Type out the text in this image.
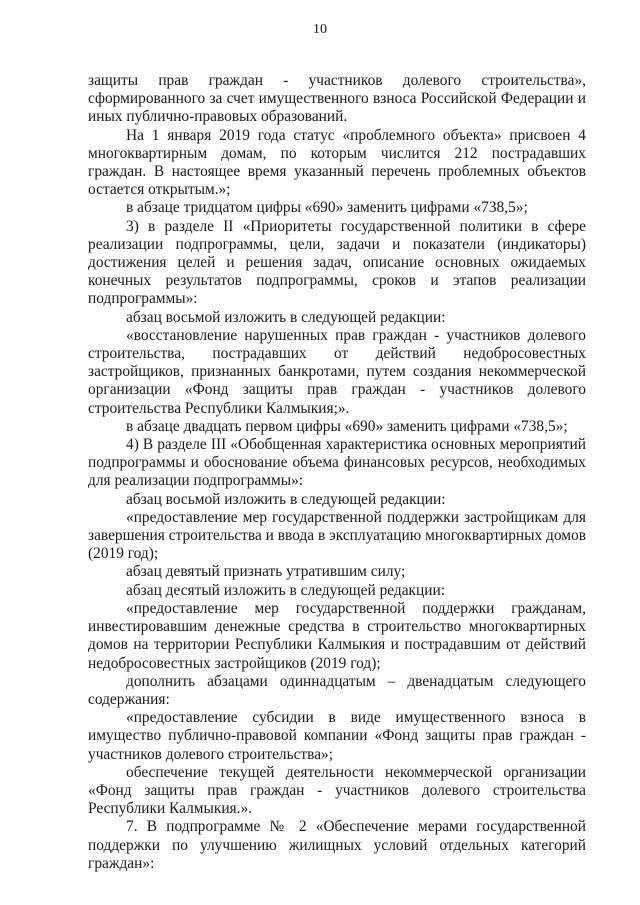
10

защиты прав граждан - участников долевого строительства», сформированного за счет имущественного взноса Российской Федерации и иных публично-правовых образований.

На 1 января 2019 года статус «проблемного объекта» присвоен 4 многоквартирным домам, по которым числится 212 пострадавших граждан. В настоящее время указанный перечень проблемных объектов остается открытым.»;

в абзаце тридцатом цифры «690» заменить цифрами «738,5»;

3) в разделе II «Приоритеты государственной политики в сфере реализации подпрограммы, цели, задачи и показатели (индикаторы) достижения целей и решения задач, описание основных ожидаемых конечных результатов подпрограммы, сроков и этапов реализации подпрограммы»:

абзац восьмой изложить в следующей редакции:

«восстановление нарушенных прав граждан - участников долевого строительства, пострадавших от действий недобросовестных застройщиков, признанных банкротами, путем создания некоммерческой организации «Фонд защиты прав граждан - участников долевого строительства Республики Калмыкия;».

в абзаце двадцать первом цифры «690» заменить цифрами «738,5»;

4) В разделе III «Обобщенная характеристика основных мероприятий подпрограммы и обоснование объема финансовых ресурсов, необходимых для реализации подпрограммы»:

абзац восьмой изложить в следующей редакции:

«предоставление мер государственной поддержки застройщикам для завершения строительства и ввода в эксплуатацию многоквартирных домов (2019 год);

абзац девятый признать утратившим силу;

абзац десятый изложить в следующей редакции:

«предоставление мер государственной поддержки гражданам, инвестировавшим денежные средства в строительство многоквартирных домов на территории Республики Калмыкия и пострадавшим от действий недобросовестных застройщиков (2019 год);

дополнить абзацами одиннадцатым – двенадцатым следующего содержания:

«предоставление субсидии в виде имущественного взноса в имущество публично-правовой компании «Фонд защиты прав граждан - участников долевого строительства»;

обеспечение текущей деятельности некоммерческой организации «Фонд защиты прав граждан - участников долевого строительства Республики Калмыкия.».

7. В подпрограмме № 2 «Обеспечение мерами государственной поддержки по улучшению жилищных условий отдельных категорий граждан»:
